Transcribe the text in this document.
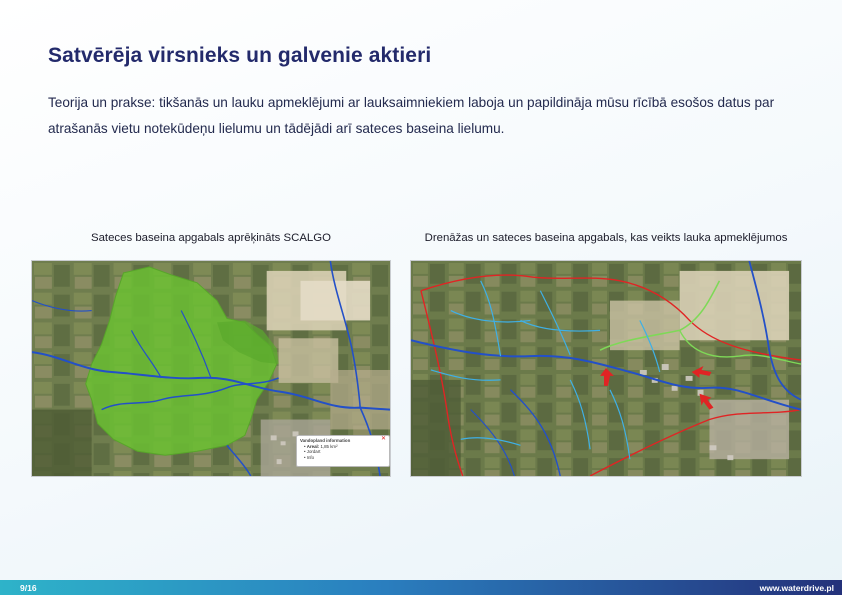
Satvērēja virsnieks un galvenie aktieri
Teorija un prakse: tikšanās un lauku apmeklējumi ar lauksaimniekiem laboja un papildināja mūsu rīcībā esošos datus par atrašanās vietu notekūdeņu lielumu un tādējādi arī sateces baseina lielumu.
Sateces baseina apgabals aprēķināts SCALGO	Drenāžas un sateces baseina apgabals, kas veikts lauka apmeklējumos
✕
Vandopland information
• Areal: 1,85 km²
• Jordart
• Info
9/16	www.waterdrive.pl
